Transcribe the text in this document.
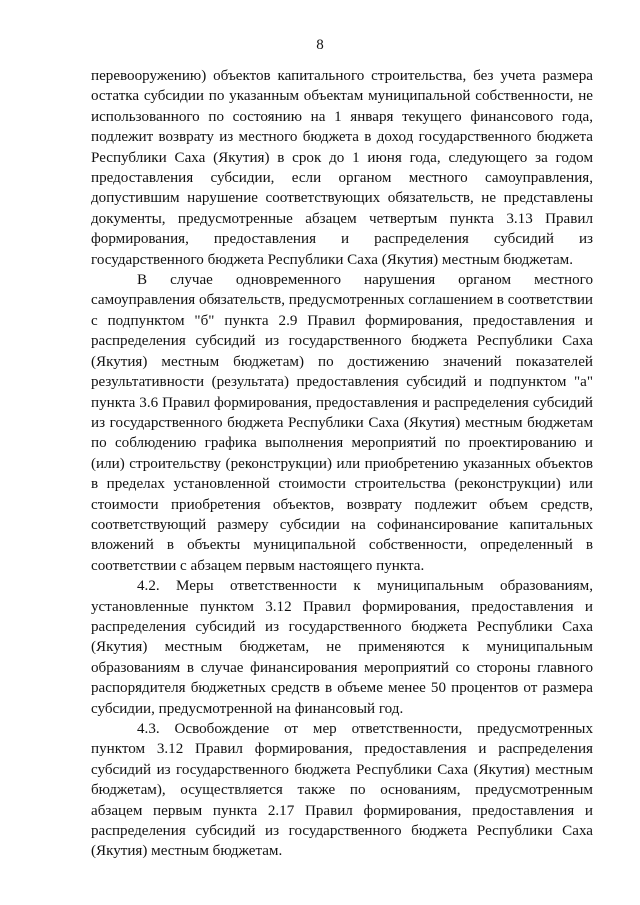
8

перевооружению) объектов капитального строительства, без учета размера остатка субсидии по указанным объектам муниципальной собственности, не использованного по состоянию на 1 января текущего финансового года, подлежит возврату из местного бюджета в доход государственного бюджета Республики Саха (Якутия) в срок до 1 июня года, следующего за годом предоставления субсидии, если органом местного самоуправления, допустившим нарушение соответствующих обязательств, не представлены документы, предусмотренные абзацем четвертым пункта 3.13 Правил формирования, предоставления и распределения субсидий из государственного бюджета Республики Саха (Якутия) местным бюджетам.

В случае одновременного нарушения органом местного самоуправления обязательств, предусмотренных соглашением в соответствии с подпунктом "б" пункта 2.9 Правил формирования, предоставления и распределения субсидий из государственного бюджета Республики Саха (Якутия) местным бюджетам) по достижению значений показателей результативности (результата) предоставления субсидий и подпунктом "а" пункта 3.6 Правил формирования, предоставления и распределения субсидий из государственного бюджета Республики Саха (Якутия) местным бюджетам по соблюдению графика выполнения мероприятий по проектированию и (или) строительству (реконструкции) или приобретению указанных объектов в пределах установленной стоимости строительства (реконструкции) или стоимости приобретения объектов, возврату подлежит объем средств, соответствующий размеру субсидии на софинансирование капитальных вложений в объекты муниципальной собственности, определенный в соответствии с абзацем первым настоящего пункта.

4.2. Меры ответственности к муниципальным образованиям, установленные пунктом 3.12 Правил формирования, предоставления и распределения субсидий из государственного бюджета Республики Саха (Якутия) местным бюджетам, не применяются к муниципальным образованиям в случае финансирования мероприятий со стороны главного распорядителя бюджетных средств в объеме менее 50 процентов от размера субсидии, предусмотренной на финансовый год.

4.3. Освобождение от мер ответственности, предусмотренных пунктом 3.12 Правил формирования, предоставления и распределения субсидий из государственного бюджета Республики Саха (Якутия) местным бюджетам), осуществляется также по основаниям, предусмотренным абзацем первым пункта 2.17 Правил формирования, предоставления и распределения субсидий из государственного бюджета Республики Саха (Якутия) местным бюджетам.
